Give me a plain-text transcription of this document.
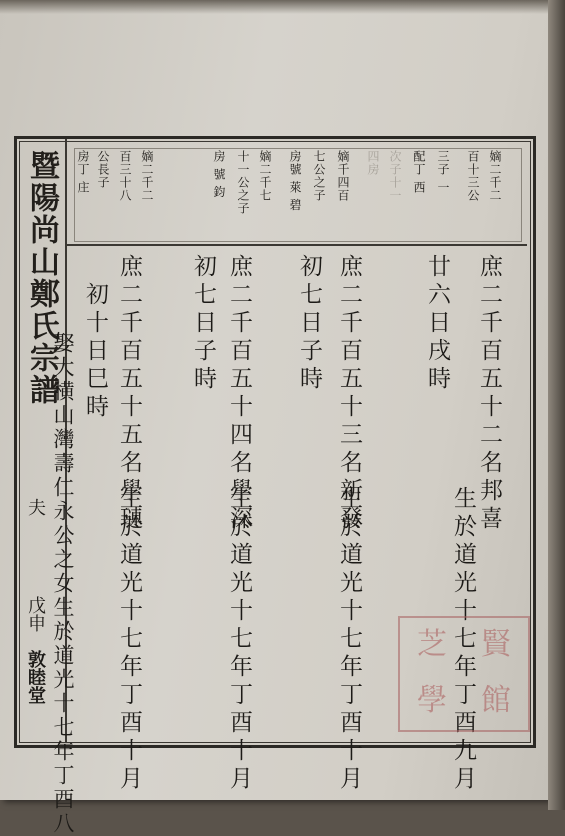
暨陽尚山鄭氏宗譜	嫡二千二
百十三公
三子 一
配丁 西
次子十一
四房
嫡千四百
七公之子
房號 萊 碧
嫡二千七
十一公之子
房 號 鈞
嫡二千二
百三十八
公長子
房丁 庄
庶二千百五十二名邦喜
生於道光十七年丁酉九月
廿六日戌時
庶二千百五十三名新發
生於道光十七年丁酉十月
初七日子時
庶二千百五十四名學深
生於道光十七年丁酉十月
初七日子時
庶二千百五十五名學璉
生於道光十七年丁酉十月
初十日巳時
娶大横山灣壽仁永公之女生於道光十七年丁酉八
夫
戊申
敦睦堂
芝	賢
學	館
